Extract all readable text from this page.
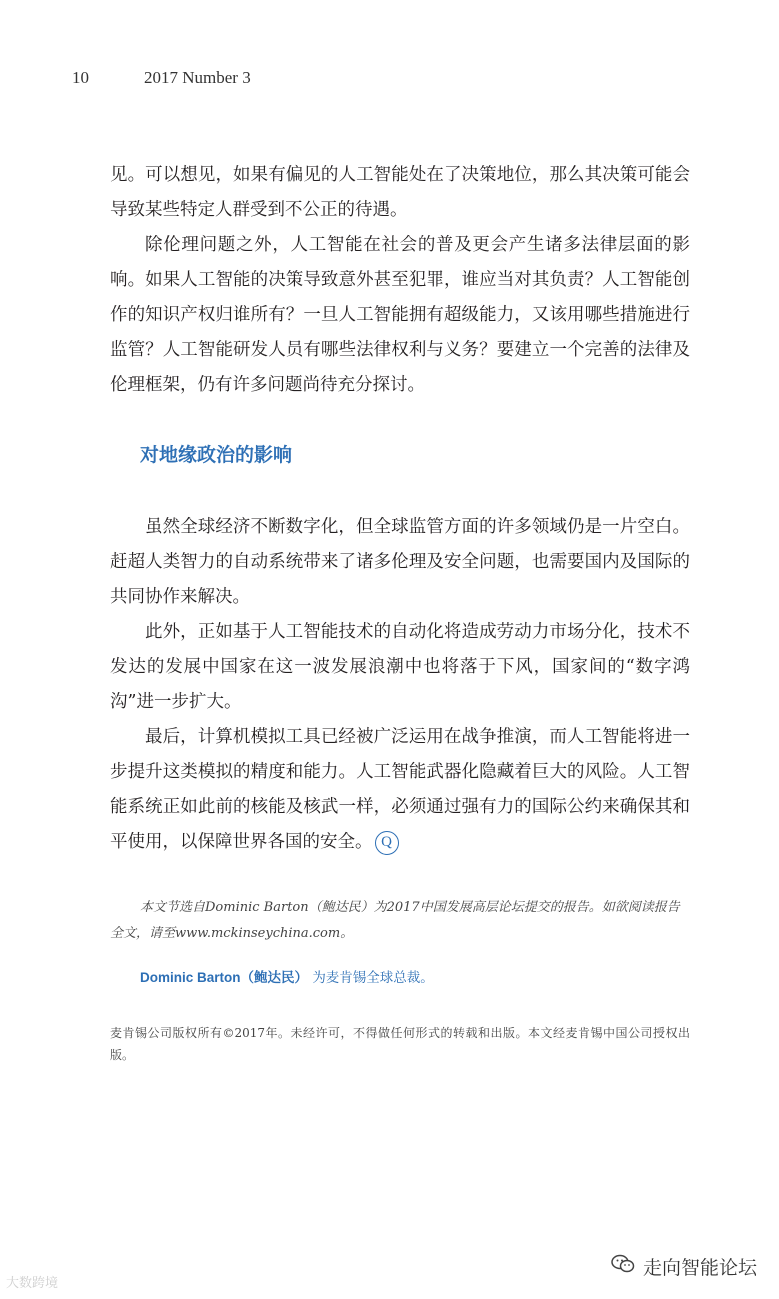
10	2017 Number 3

见。可以想见，如果有偏见的人工智能处在了决策地位，那么其决策可能会导致某些特定人群受到不公正的待遇。

除伦理问题之外，人工智能在社会的普及更会产生诸多法律层面的影响。如果人工智能的决策导致意外甚至犯罪，谁应当对其负责？人工智能创作的知识产权归谁所有？一旦人工智能拥有超级能力，又该用哪些措施进行监管？人工智能研发人员有哪些法律权利与义务？要建立一个完善的法律及伦理框架，仍有许多问题尚待充分探讨。

对地缘政治的影响

虽然全球经济不断数字化，但全球监管方面的许多领域仍是一片空白。赶超人类智力的自动系统带来了诸多伦理及安全问题，也需要国内及国际的共同协作来解决。

此外，正如基于人工智能技术的自动化将造成劳动力市场分化，技术不发达的发展中国家在这一波发展浪潮中也将落于下风，国家间的“数字鸿沟”进一步扩大。

最后，计算机模拟工具已经被广泛运用在战争推演，而人工智能将进一步提升这类模拟的精度和能力。人工智能武器化隐藏着巨大的风险。人工智能系统正如此前的核能及核武一样，必须通过强有力的国际公约来确保其和平使用，以保障世界各国的安全。 Q

本文节选自Dominic Barton（鲍达民）为2017中国发展高层论坛提交的报告。如欲阅读报告全文，请至www.mckinseychina.com。
Dominic Barton（鲍达民） 为麦肯锡全球总裁。
麦肯锡公司版权所有©2017年。未经许可，不得做任何形式的转载和出版。本文经麦肯锡中国公司授权出版。
大数跨境
走向智能论坛
